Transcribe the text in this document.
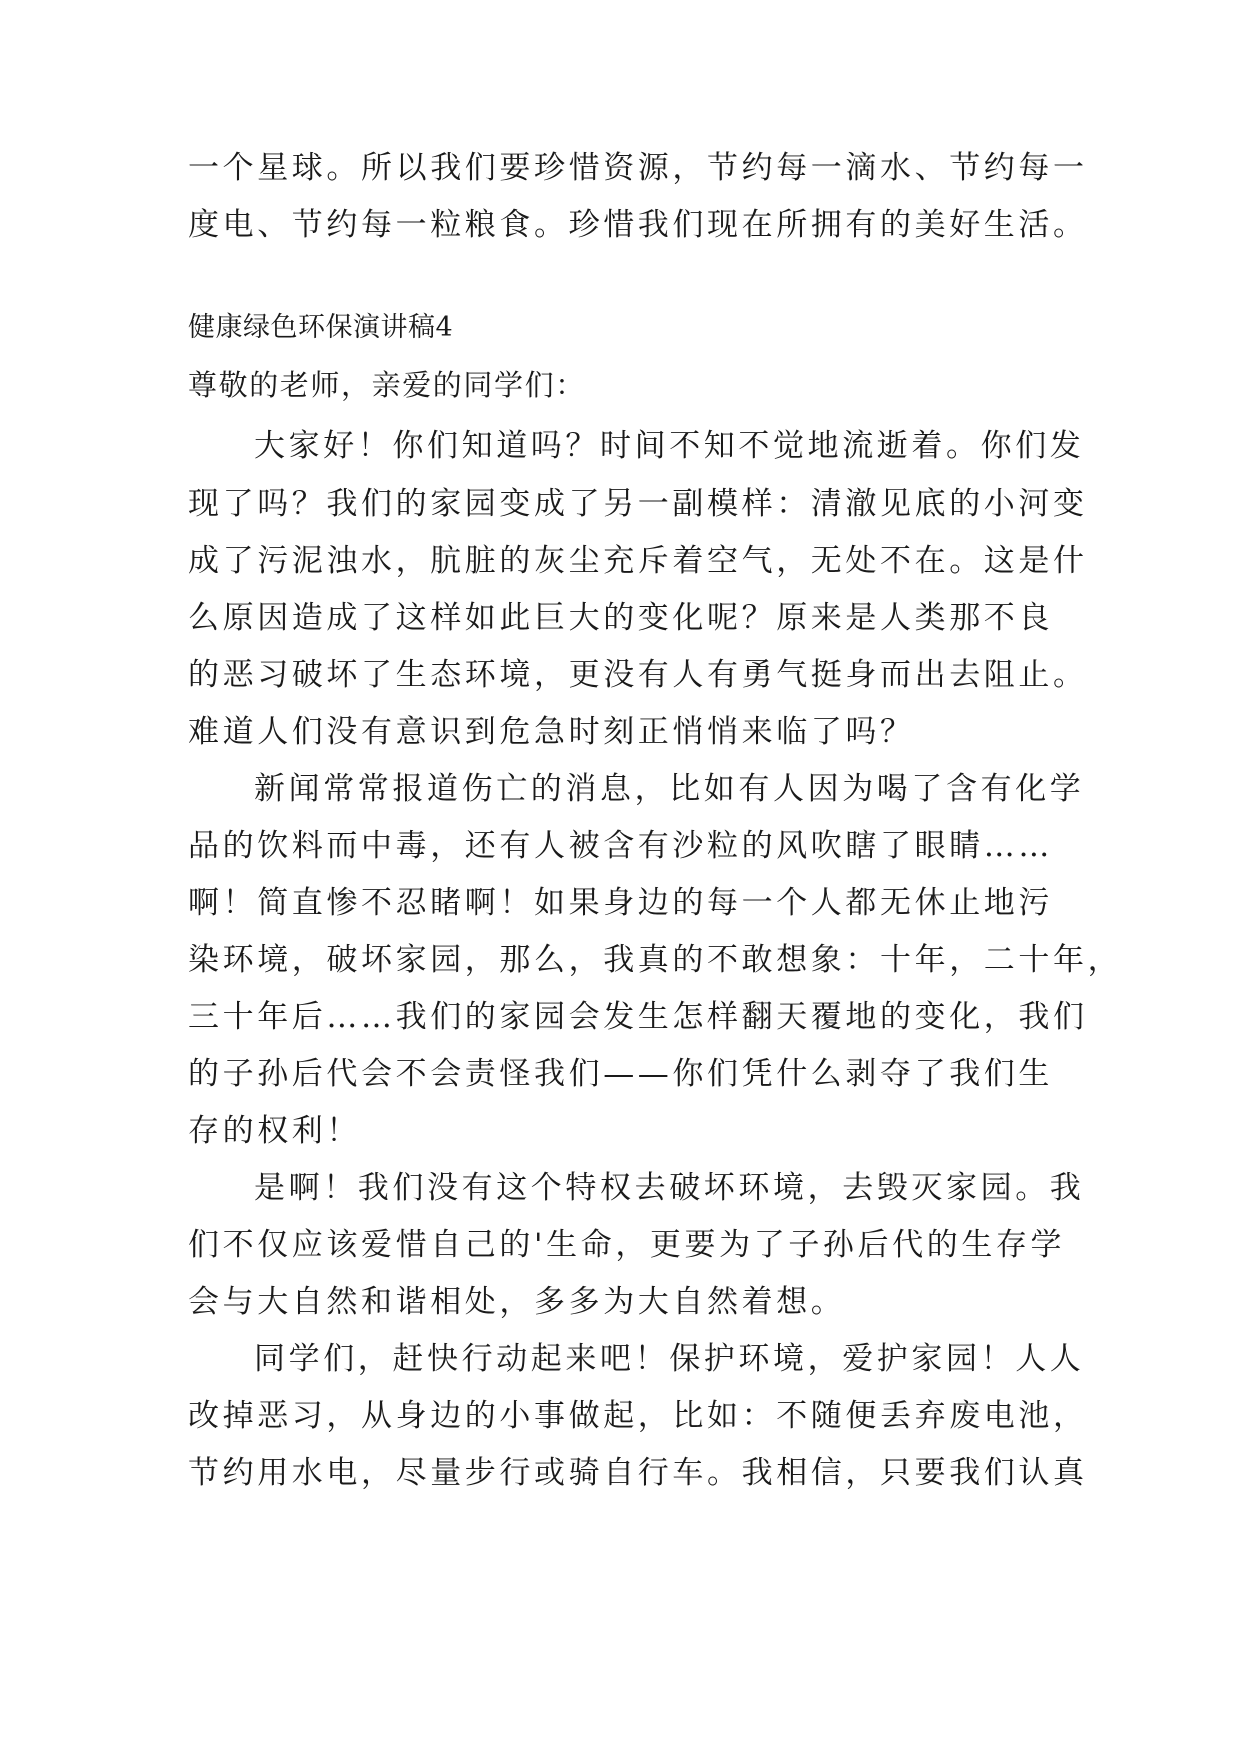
一个星球。所以我们要珍惜资源，节约每一滴水、节约每一
度电、节约每一粒粮食。珍惜我们现在所拥有的美好生活。
健康绿色环保演讲稿4
尊敬的老师，亲爱的同学们：
大家好！你们知道吗？时间不知不觉地流逝着。你们发
现了吗？我们的家园变成了另一副模样：清澈见底的小河变
成了污泥浊水，肮脏的灰尘充斥着空气，无处不在。这是什
么原因造成了这样如此巨大的变化呢？原来是人类那不良
的恶习破坏了生态环境，更没有人有勇气挺身而出去阻止。
难道人们没有意识到危急时刻正悄悄来临了吗？
新闻常常报道伤亡的消息，比如有人因为喝了含有化学
品的饮料而中毒，还有人被含有沙粒的风吹瞎了眼睛……
啊！简直惨不忍睹啊！如果身边的每一个人都无休止地污
染环境，破坏家园，那么，我真的不敢想象：十年，二十年，
三十年后……我们的家园会发生怎样翻天覆地的变化，我们
的子孙后代会不会责怪我们——你们凭什么剥夺了我们生
存的权利！
是啊！我们没有这个特权去破坏环境，去毁灭家园。我
们不仅应该爱惜自己的'生命，更要为了子孙后代的生存学
会与大自然和谐相处，多多为大自然着想。
同学们，赶快行动起来吧！保护环境，爱护家园！人人
改掉恶习，从身边的小事做起，比如：不随便丢弃废电池，
节约用水电，尽量步行或骑自行车。我相信，只要我们认真
